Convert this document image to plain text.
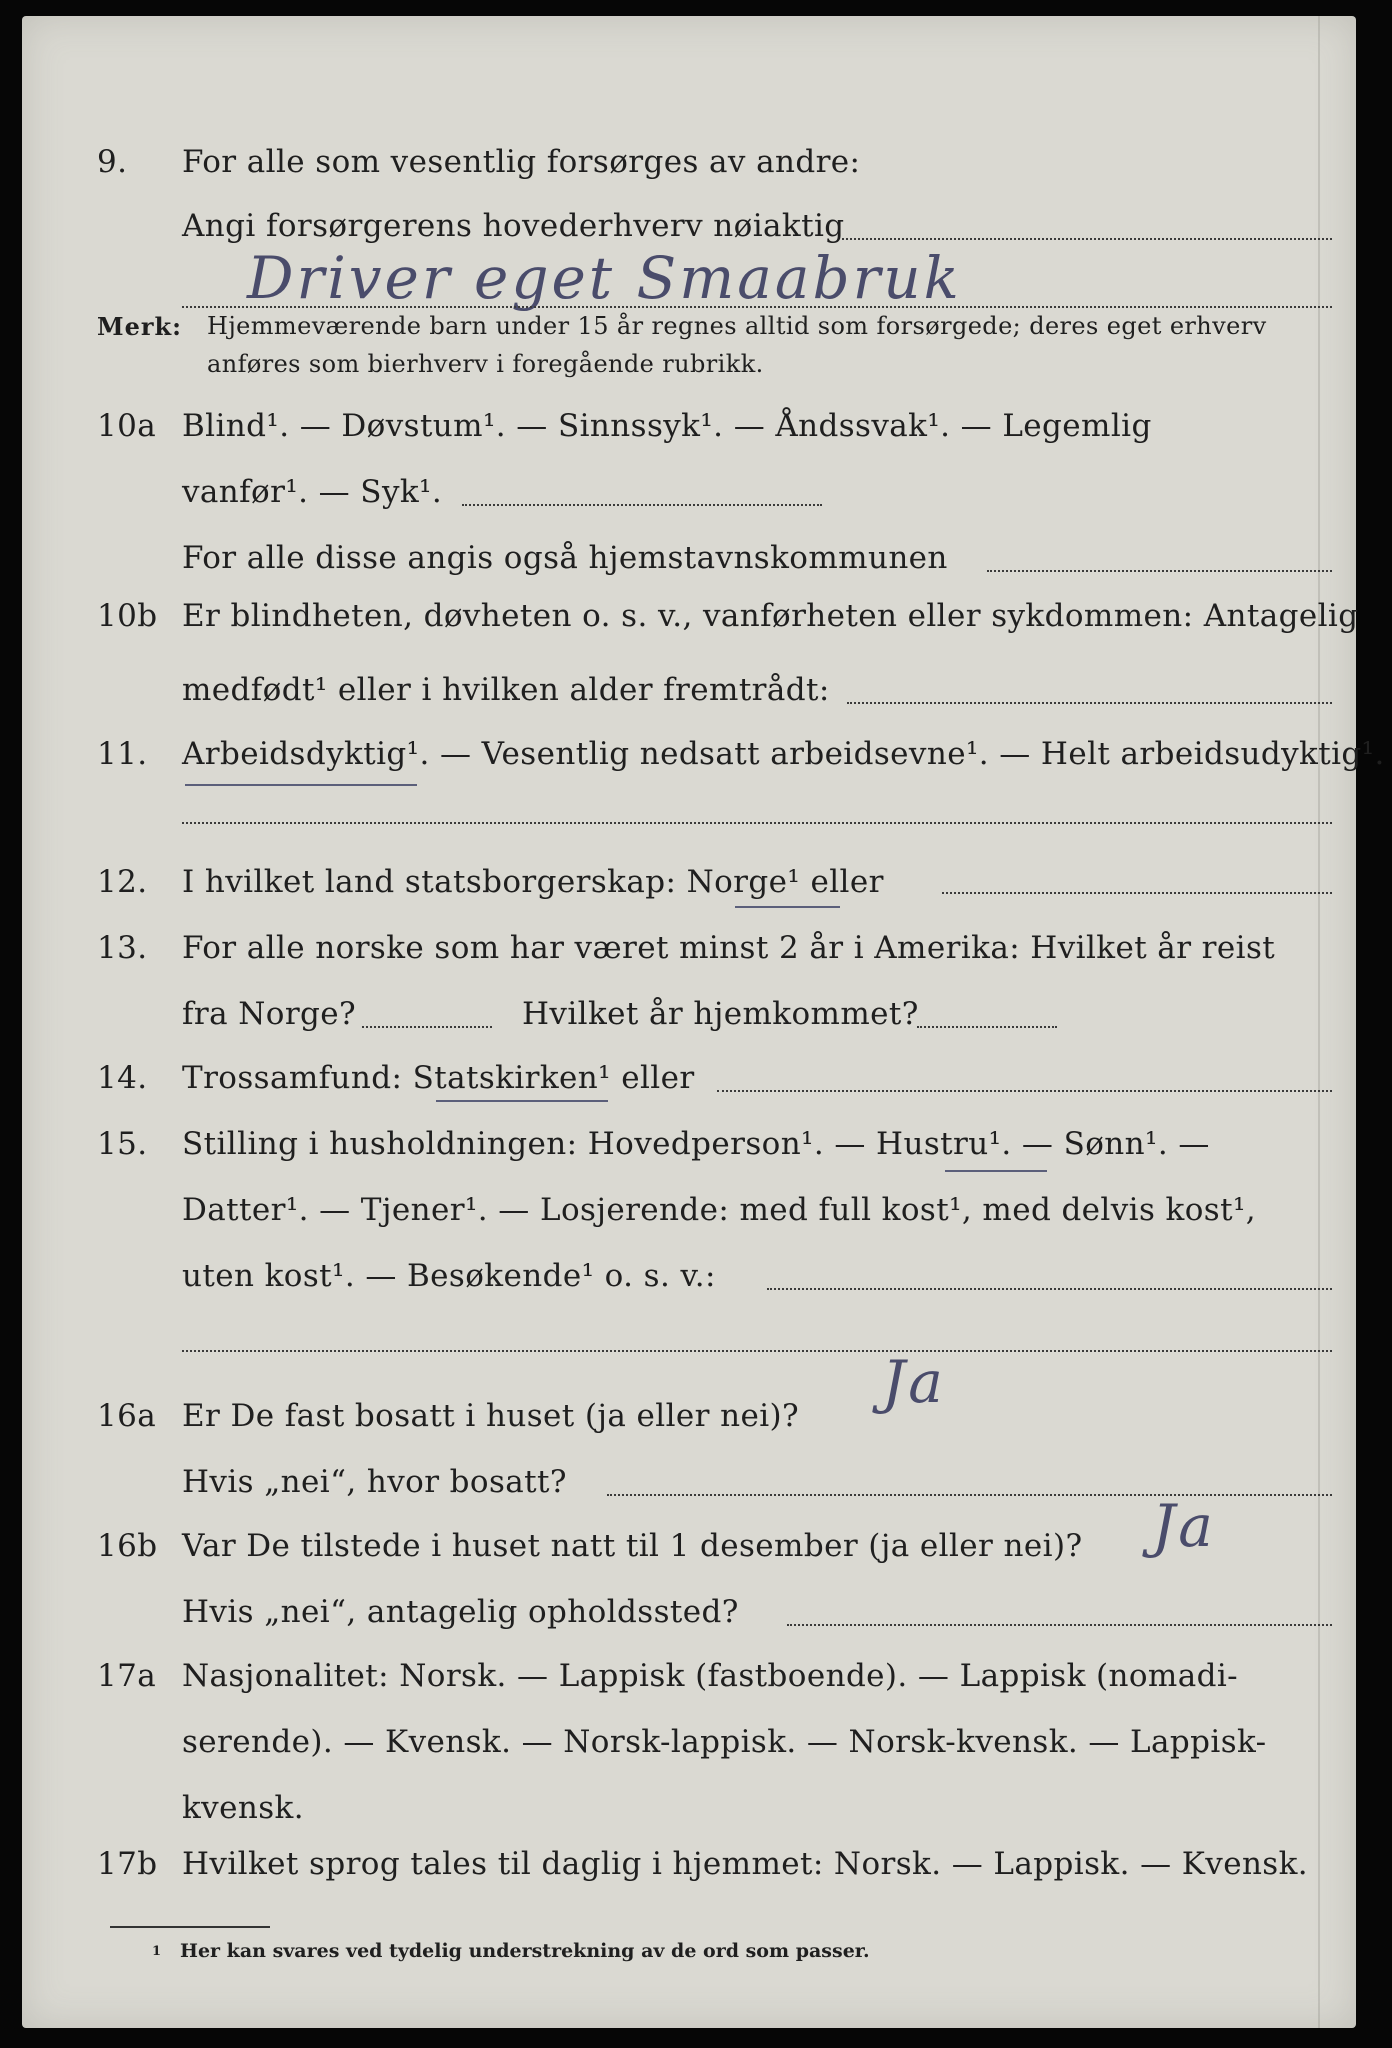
9.	For alle som vesentlig forsørges av andre:
Angi forsørgerens hovederhverv nøiaktig
Driver eget Smaabruk
Merk: Hjemmeværende barn under 15 år regnes alltid som forsørgede; deres eget erhverv
anføres som bierhverv i foregående rubrikk.
10a Blind¹. — Døvstum¹. — Sinnssyk¹. — Åndssvak¹. — Legemlig
vanfør¹. — Syk¹.
For alle disse angis også hjemstavnskommunen
10b Er blindheten, døvheten o. s. v., vanførheten eller sykdommen: Antagelig
medfødt¹ eller i hvilken alder fremtrådt:
11.	Arbeidsdyktig¹. — Vesentlig nedsatt arbeidsevne¹. — Helt arbeidsudyktig¹.
12.	I hvilket land statsborgerskap: Norge¹ eller
13.	For alle norske som har været minst 2 år i Amerika: Hvilket år reist
fra Norge?	Hvilket år hjemkommet?
14.	Trossamfund: Statskirken¹ eller
15.	Stilling i husholdningen: Hovedperson¹. — Hustru¹. — Sønn¹. —
Datter¹. — Tjener¹. — Losjerende: med full kost¹, med delvis kost¹,
uten kost¹. — Besøkende¹ o. s. v.:
16a Er De fast bosatt i huset (ja eller nei)? Ja
Hvis „nei“, hvor bosatt?
16b Var De tilstede i huset natt til 1 desember (ja eller nei)? Ja
Hvis „nei“, antagelig opholdssted?
17a Nasjonalitet: Norsk. — Lappisk (fastboende). — Lappisk (nomadi-
serende). — Kvensk. — Norsk-lappisk. — Norsk-kvensk. — Lappisk-
kvensk.
17b Hvilket sprog tales til daglig i hjemmet: Norsk. — Lappisk. — Kvensk.
1 Her kan svares ved tydelig understrekning av de ord som passer.
